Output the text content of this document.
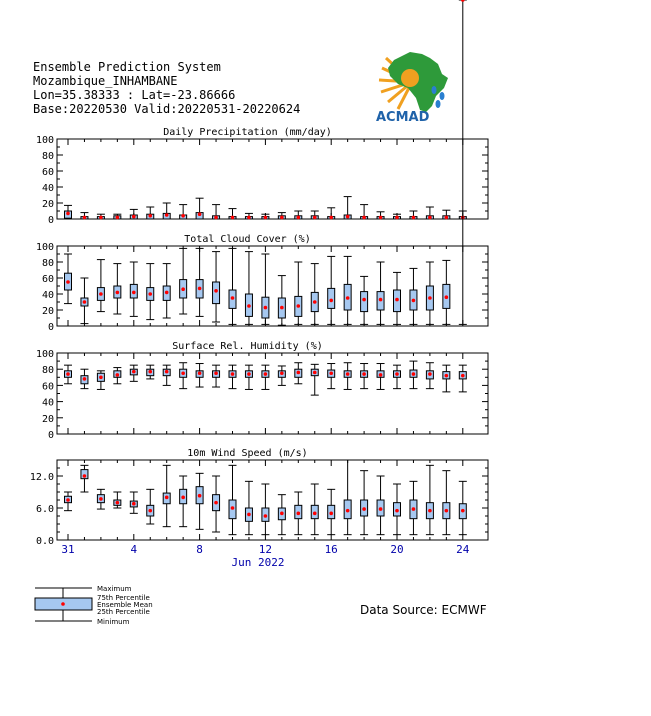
Ensemble Prediction System
Mozambique_INHAMBANE
Lon=35.38333 : Lat=-23.86666
Base:20220530 Valid:20220531-20220624
ACMAD
Daily Precipitation (mm/day)
0
20
40
60
80
100
Total Cloud Cover (%)
0
20
40
60
80
100
Surface Rel. Humidity (%)
0
20
40
60
80
100
10m Wind Speed (m/s)
0.0
6.0
12.0
31	4	8	12	16	20	24
Jun 2022
Maximum
75th Percentile
Ensemble Mean
25th Percentile
Minimum
Data Source: ECMWF
